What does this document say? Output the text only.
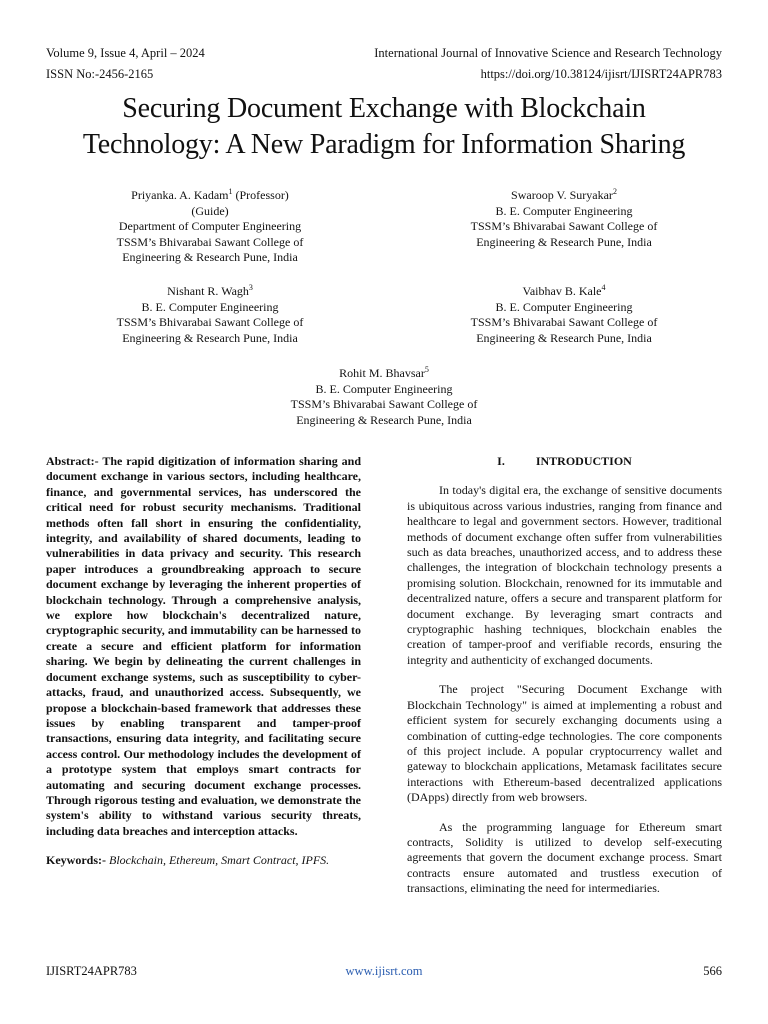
Volume 9, Issue 4, April – 2024	International Journal of Innovative Science and Research Technology
ISSN No:-2456-2165	https://doi.org/10.38124/ijisrt/IJISRT24APR783
Securing Document Exchange with Blockchain
Technology: A New Paradigm for Information Sharing
Priyanka. A. Kadam$^1$ (Professor)
(Guide)
Department of Computer Engineering
TSSM’s Bhivarabai Sawant College of
Engineering & Research Pune, India
Swaroop V. Suryakar$^2$
B. E. Computer Engineering
TSSM’s Bhivarabai Sawant College of
Engineering & Research Pune, India
Nishant R. Wagh$^3$
B. E. Computer Engineering
TSSM’s Bhivarabai Sawant College of
Engineering & Research Pune, India
Vaibhav B. Kale$^4$
B. E. Computer Engineering
TSSM’s Bhivarabai Sawant College of
Engineering & Research Pune, India
Rohit M. Bhavsar$^5$
B. E. Computer Engineering
TSSM’s Bhivarabai Sawant College of
Engineering & Research Pune, India

Abstract:- The rapid digitization of information sharing and document exchange in various sectors, including healthcare, finance, and governmental services, has underscored the critical need for robust security mechanisms. Traditional methods often fall short in ensuring the confidentiality, integrity, and availability of shared documents, leading to vulnerabilities in data privacy and security. This research paper introduces a groundbreaking approach to secure document exchange by leveraging the inherent properties of blockchain technology. Through a comprehensive analysis, we explore how blockchain's decentralized nature, cryptographic security, and immutability can be harnessed to create a secure and efficient platform for information sharing. We begin by delineating the current challenges in document exchange systems, such as susceptibility to cyber-attacks, fraud, and unauthorized access. Subsequently, we propose a blockchain-based framework that addresses these issues by enabling transparent and tamper-proof transactions, ensuring data integrity, and facilitating secure access control. Our methodology includes the development of a prototype system that employs smart contracts for automating and securing document exchange processes. Through rigorous testing and evaluation, we demonstrate the system's ability to withstand various security threats, including data breaches and interception attacks.

Keywords:- Blockchain, Ethereum, Smart Contract, IPFS.

I.	INTRODUCTION

In today's digital era, the exchange of sensitive documents is ubiquitous across various industries, ranging from finance and healthcare to legal and government sectors. However, traditional methods of document exchange often suffer from vulnerabilities such as data breaches, unauthorized access, and to address these challenges, the integration of blockchain technology presents a promising solution. Blockchain, renowned for its immutable and decentralized nature, offers a secure and transparent platform for document exchange. By leveraging smart contracts and cryptographic hashing techniques, blockchain enables the creation of tamper-proof and verifiable records, ensuring the integrity and authenticity of exchanged documents.

The project "Securing Document Exchange with Blockchain Technology" is aimed at implementing a robust and efficient system for securely exchanging documents using a combination of cutting-edge technologies. The core components of this project include. A popular cryptocurrency wallet and gateway to blockchain applications, Metamask facilitates secure interactions with Ethereum-based decentralized applications (DApps) directly from web browsers.

As the programming language for Ethereum smart contracts, Solidity is utilized to develop self-executing agreements that govern the document exchange process. Smart contracts ensure automated and trustless execution of transactions, eliminating the need for intermediaries.

IJISRT24APR783	www.ijisrt.com	566
